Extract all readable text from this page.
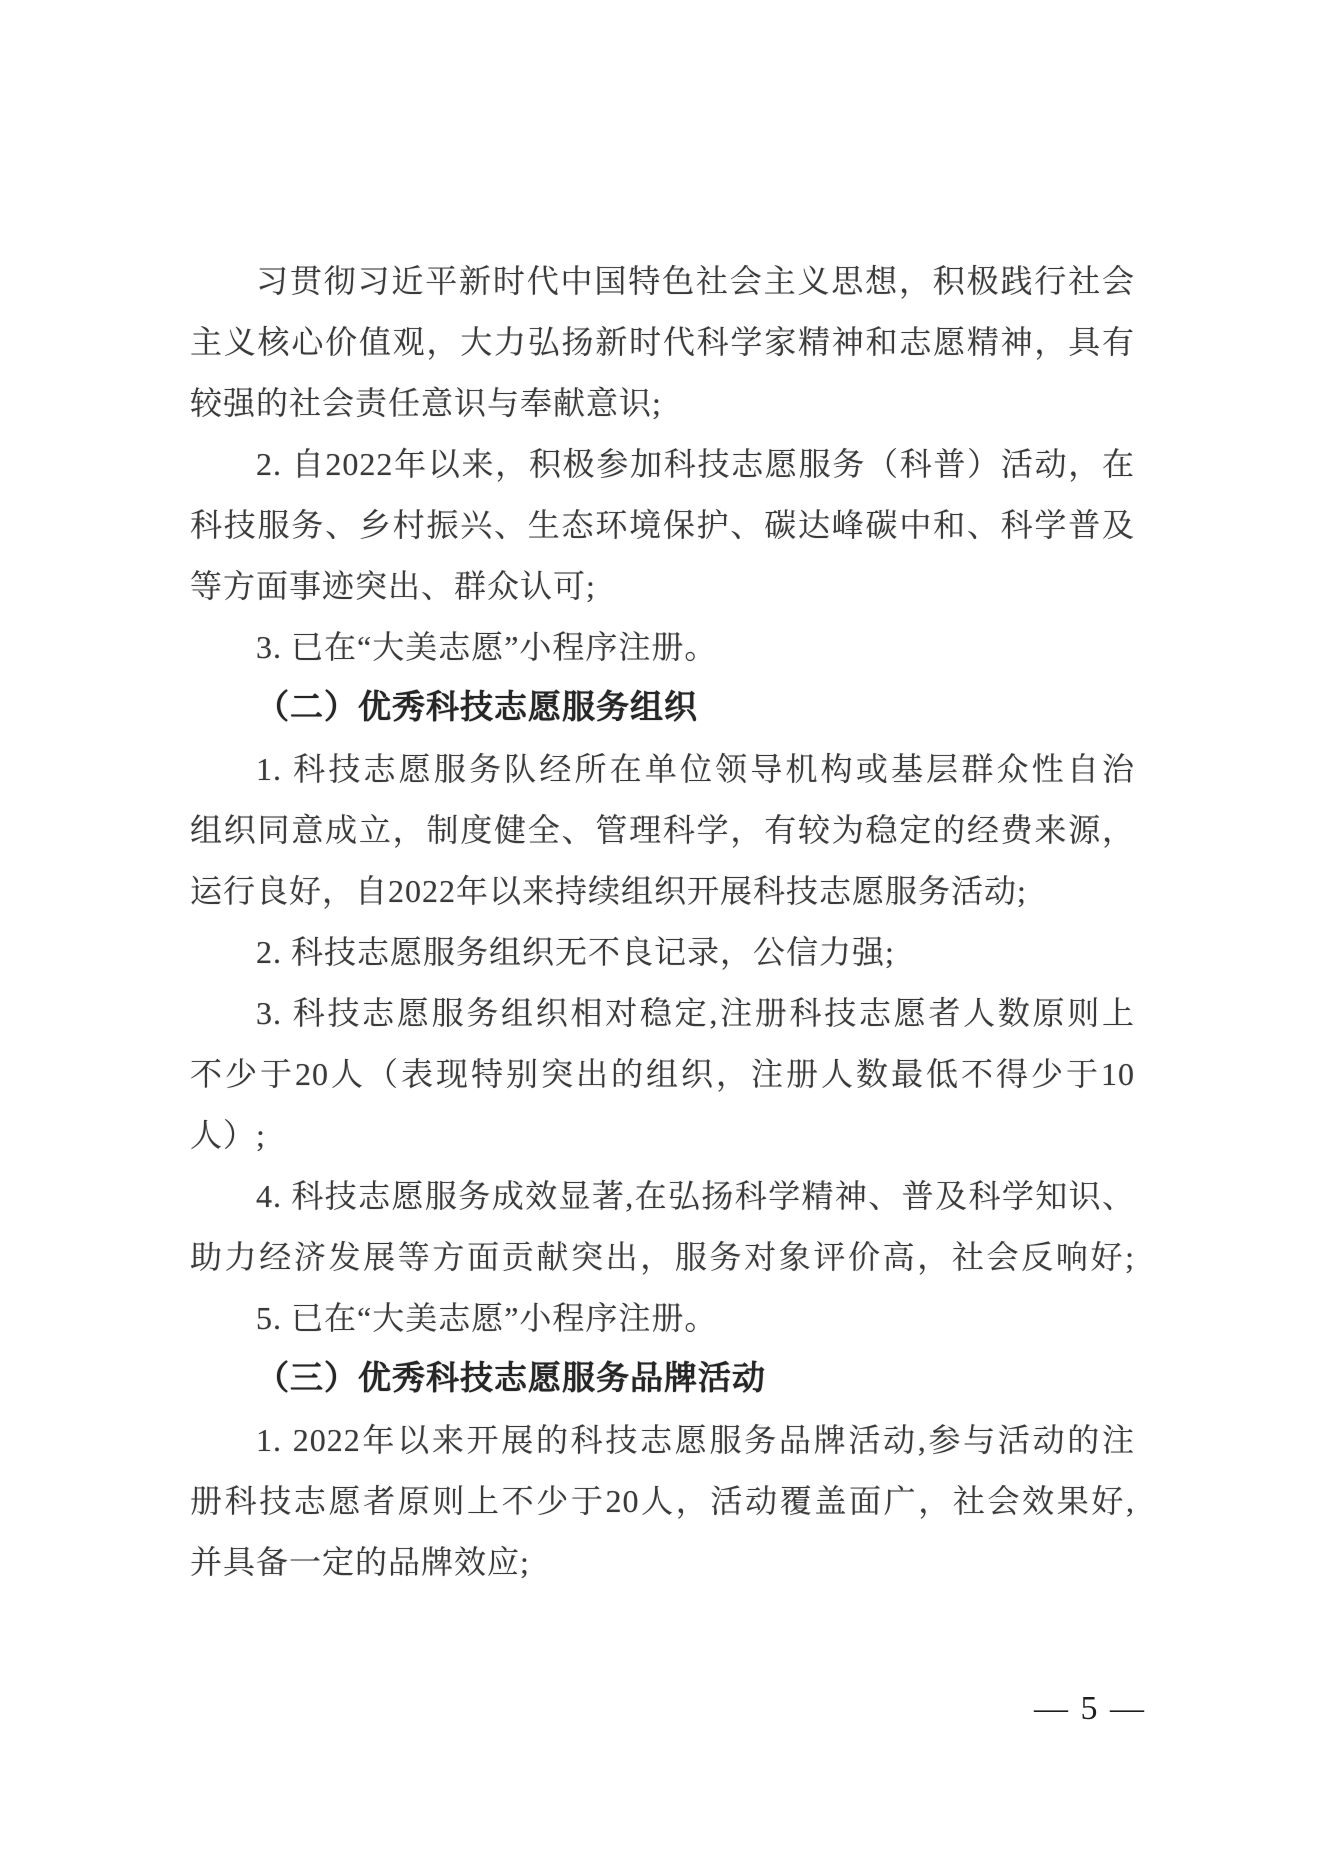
习贯彻习近平新时代中国特色社会主义思想，积极践行社会
主义核心价值观，大力弘扬新时代科学家精神和志愿精神，具有
较强的社会责任意识与奉献意识;
2. 自2022年以来，积极参加科技志愿服务（科普）活动，在
科技服务、乡村振兴、生态环境保护、碳达峰碳中和、科学普及
等方面事迹突出、群众认可;
3. 已在“大美志愿”小程序注册。
（二）优秀科技志愿服务组织
1. 科技志愿服务队经所在单位领导机构或基层群众性自治
组织同意成立，制度健全、管理科学，有较为稳定的经费来源，
运行良好，自2022年以来持续组织开展科技志愿服务活动;
2. 科技志愿服务组织无不良记录，公信力强;
3. 科技志愿服务组织相对稳定,注册科技志愿者人数原则上
不少于20人（表现特别突出的组织，注册人数最低不得少于10
人）;
4. 科技志愿服务成效显著,在弘扬科学精神、普及科学知识、
助力经济发展等方面贡献突出，服务对象评价高，社会反响好;
5. 已在“大美志愿”小程序注册。
（三）优秀科技志愿服务品牌活动
1. 2022年以来开展的科技志愿服务品牌活动,参与活动的注
册科技志愿者原则上不少于20人，活动覆盖面广，社会效果好,
并具备一定的品牌效应;
— 5 —
